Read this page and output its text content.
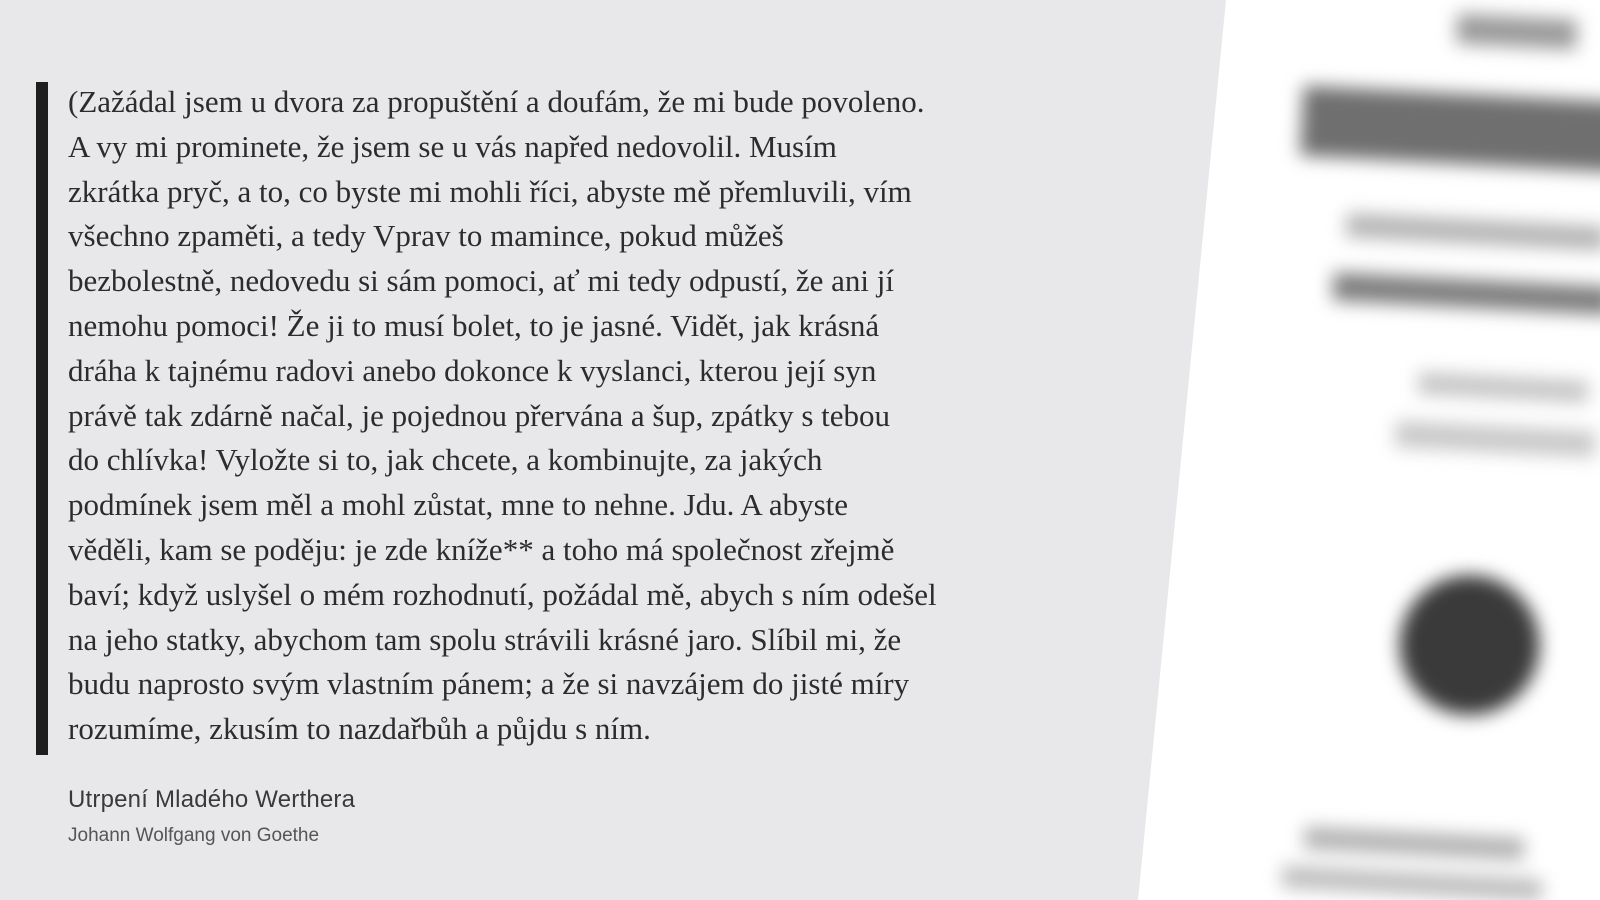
(Zažádal jsem u dvora za propuštění a doufám, že mi bude povoleno.
A vy mi prominete, že jsem se u vás napřed nedovolil. Musím
zkrátka pryč, a to, co byste mi mohli říci, abyste mě přemluvili, vím
všechno zpaměti, a tedy Vprav to mamince, pokud můžeš
bezbolestně, nedovedu si sám pomoci, ať mi tedy odpustí, že ani jí
nemohu pomoci! Že ji to musí bolet, to je jasné. Vidět, jak krásná
dráha k tajnému radovi anebo dokonce k vyslanci, kterou její syn
právě tak zdárně načal, je pojednou přervána a šup, zpátky s tebou
do chlívka! Vyložte si to, jak chcete, a kombinujte, za jakých
podmínek jsem měl a mohl zůstat, mne to nehne. Jdu. A abyste
věděli, kam se poděju: je zde kníže** a toho má společnost zřejmě
baví; když uslyšel o mém rozhodnutí, požádal mě, abych s ním odešel
na jeho statky, abychom tam spolu strávili krásné jaro. Slíbil mi, že
budu naprosto svým vlastním pánem; a že si navzájem do jisté míry
rozumíme, zkusím to nazdařbůh a půjdu s ním.

Utrpení Mladého Werthera

Johann Wolfgang von Goethe
